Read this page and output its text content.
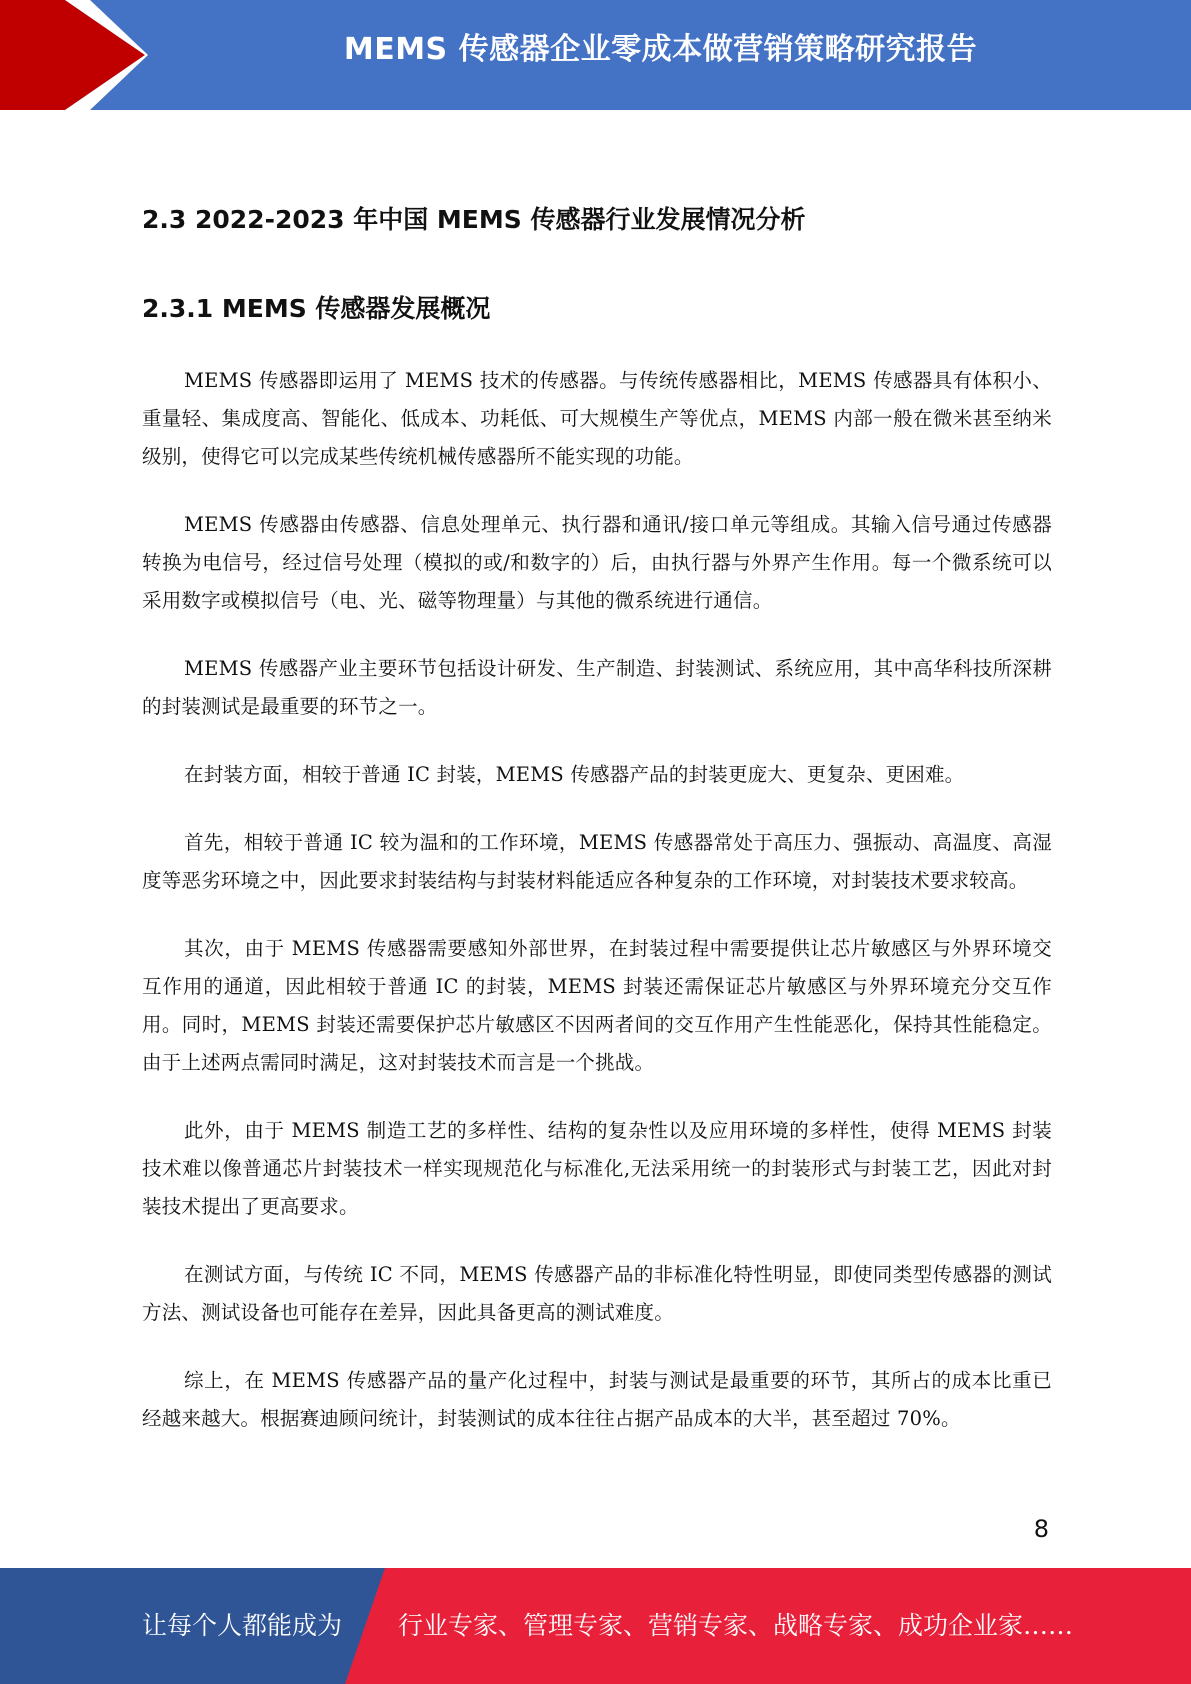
MEMS 传感器企业零成本做营销策略研究报告
2.3 2022-2023 年中国 MEMS 传感器行业发展情况分析
2.3.1 MEMS 传感器发展概况

MEMS 传感器即运用了 MEMS 技术的传感器。与传统传感器相比，MEMS 传感器具有体积小、重量轻、集成度高、智能化、低成本、功耗低、可大规模生产等优点，MEMS 内部一般在微米甚至纳米级别，使得它可以完成某些传统机械传感器所不能实现的功能。

MEMS 传感器由传感器、信息处理单元、执行器和通讯/接口单元等组成。其输入信号通过传感器转换为电信号，经过信号处理（模拟的或/和数字的）后，由执行器与外界产生作用。每一个微系统可以采用数字或模拟信号（电、光、磁等物理量）与其他的微系统进行通信。

MEMS 传感器产业主要环节包括设计研发、生产制造、封装测试、系统应用，其中高华科技所深耕的封装测试是最重要的环节之一。

在封装方面，相较于普通 IC 封装，MEMS 传感器产品的封装更庞大、更复杂、更困难。

首先，相较于普通 IC 较为温和的工作环境，MEMS 传感器常处于高压力、强振动、高温度、高湿度等恶劣环境之中，因此要求封装结构与封装材料能适应各种复杂的工作环境，对封装技术要求较高。

其次，由于 MEMS 传感器需要感知外部世界，在封装过程中需要提供让芯片敏感区与外界环境交互作用的通道，因此相较于普通 IC 的封装，MEMS 封装还需保证芯片敏感区与外界环境充分交互作用。同时，MEMS 封装还需要保护芯片敏感区不因两者间的交互作用产生性能恶化，保持其性能稳定。由于上述两点需同时满足，这对封装技术而言是一个挑战。

此外，由于 MEMS 制造工艺的多样性、结构的复杂性以及应用环境的多样性，使得 MEMS 封装技术难以像普通芯片封装技术一样实现规范化与标准化,无法采用统一的封装形式与封装工艺，因此对封装技术提出了更高要求。

在测试方面，与传统 IC 不同，MEMS 传感器产品的非标准化特性明显，即使同类型传感器的测试方法、测试设备也可能存在差异，因此具备更高的测试难度。

综上，在 MEMS 传感器产品的量产化过程中，封装与测试是最重要的环节，其所占的成本比重已经越来越大。根据赛迪顾问统计，封装测试的成本往往占据产品成本的大半，甚至超过 70%。

8
让每个人都能成为 行业专家、管理专家、营销专家、战略专家、成功企业家……
